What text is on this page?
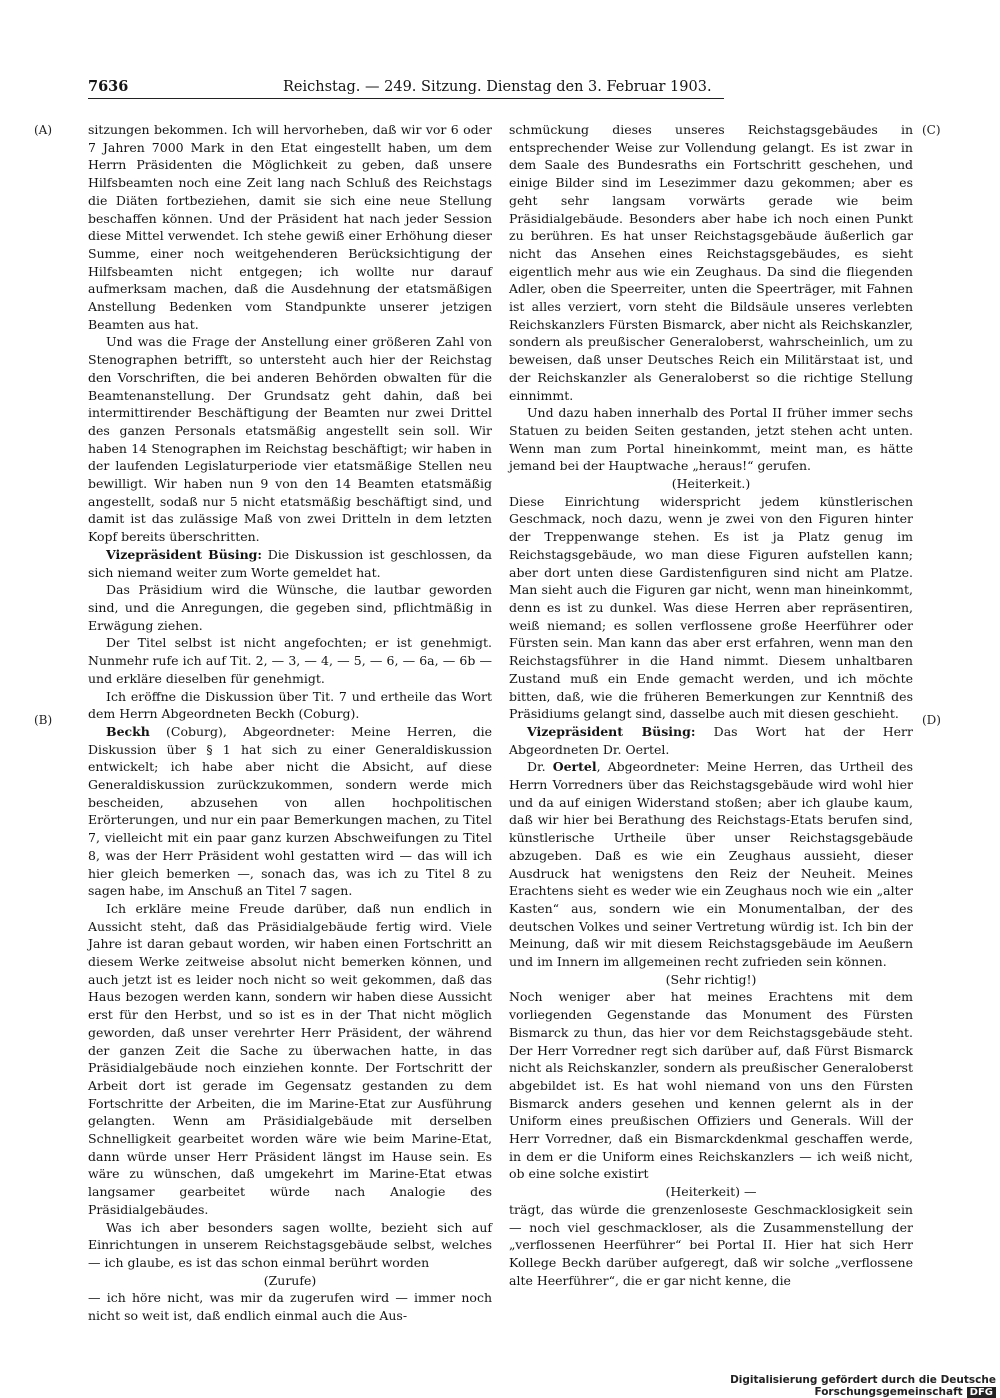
7636	Reichstag. — 249. Sitzung. Dienstag den 3. Februar 1903.
(A)
(B)
(C)
(D)

sitzungen bekommen. Ich will hervorheben, daß wir vor 6 oder 7 Jahren 7000 Mark in den Etat eingestellt haben, um dem Herrn Präsidenten die Möglichkeit zu geben, daß unsere Hilfsbeamten noch eine Zeit lang nach Schluß des Reichstags die Diäten fortbeziehen, damit sie sich eine neue Stellung beschaffen können. Und der Präsident hat nach jeder Session diese Mittel verwendet. Ich stehe gewiß einer Erhöhung dieser Summe, einer noch weitgehenderen Berücksichtigung der Hilfsbeamten nicht entgegen; ich wollte nur darauf aufmerksam machen, daß die Ausdehnung der etatsmäßigen Anstellung Bedenken vom Standpunkte unserer jetzigen Beamten aus hat.

Und was die Frage der Anstellung einer größeren Zahl von Stenographen betrifft, so untersteht auch hier der Reichstag den Vorschriften, die bei anderen Behörden obwalten für die Beamtenanstellung. Der Grundsatz geht dahin, daß bei intermittirender Beschäftigung der Beamten nur zwei Drittel des ganzen Personals etatsmäßig angestellt sein soll. Wir haben 14 Stenographen im Reichstag beschäftigt; wir haben in der laufenden Legislaturperiode vier etatsmäßige Stellen neu bewilligt. Wir haben nun 9 von den 14 Beamten etatsmäßig angestellt, sodaß nur 5 nicht etatsmäßig beschäftigt sind, und damit ist das zulässige Maß von zwei Dritteln in dem letzten Kopf bereits überschritten.

Vizepräsident Büsing: Die Diskussion ist geschlossen, da sich niemand weiter zum Worte gemeldet hat.

Das Präsidium wird die Wünsche, die lautbar geworden sind, und die Anregungen, die gegeben sind, pflichtmäßig in Erwägung ziehen.

Der Titel selbst ist nicht angefochten; er ist genehmigt. Nunmehr rufe ich auf Tit. 2, — 3, — 4, — 5, — 6, — 6a, — 6b — und erkläre dieselben für genehmigt.

Ich eröffne die Diskussion über Tit. 7 und ertheile das Wort dem Herrn Abgeordneten Beckh (Coburg).

Beckh (Coburg), Abgeordneter: Meine Herren, die Diskussion über § 1 hat sich zu einer Generaldiskussion entwickelt; ich habe aber nicht die Absicht, auf diese Generaldiskussion zurückzukommen, sondern werde mich bescheiden, abzusehen von allen hochpolitischen Erörterungen, und nur ein paar Bemerkungen machen, zu Titel 7, vielleicht mit ein paar ganz kurzen Abschweifungen zu Titel 8, was der Herr Präsident wohl gestatten wird — das will ich hier gleich bemerken —, sonach das, was ich zu Titel 8 zu sagen habe, im Anschuß an Titel 7 sagen.

Ich erkläre meine Freude darüber, daß nun endlich in Aussicht steht, daß das Präsidialgebäude fertig wird. Viele Jahre ist daran gebaut worden, wir haben einen Fortschritt an diesem Werke zeitweise absolut nicht bemerken können, und auch jetzt ist es leider noch nicht so weit gekommen, daß das Haus bezogen werden kann, sondern wir haben diese Aussicht erst für den Herbst, und so ist es in der That nicht möglich geworden, daß unser verehrter Herr Präsident, der während der ganzen Zeit die Sache zu überwachen hatte, in das Präsidialgebäude noch einziehen konnte. Der Fortschritt der Arbeit dort ist gerade im Gegensatz gestanden zu dem Fortschritte der Arbeiten, die im Marine-Etat zur Ausführung gelangten. Wenn am Präsidialgebäude mit derselben Schnelligkeit gearbeitet worden wäre wie beim Marine-Etat, dann würde unser Herr Präsident längst im Hause sein. Es wäre zu wünschen, daß umgekehrt im Marine-Etat etwas langsamer gearbeitet würde nach Analogie des Präsidialgebäudes.

Was ich aber besonders sagen wollte, bezieht sich auf Einrichtungen in unserem Reichstagsgebäude selbst, welches — ich glaube, es ist das schon einmal berührt worden

(Zurufe)

— ich höre nicht, was mir da zugerufen wird — immer noch nicht so weit ist, daß endlich einmal auch die Aus-

schmückung dieses unseres Reichstagsgebäudes in entsprechender Weise zur Vollendung gelangt. Es ist zwar in dem Saale des Bundesraths ein Fortschritt geschehen, und einige Bilder sind im Lesezimmer dazu gekommen; aber es geht sehr langsam vorwärts gerade wie beim Präsidialgebäude. Besonders aber habe ich noch einen Punkt zu berühren. Es hat unser Reichstagsgebäude äußerlich gar nicht das Ansehen eines Reichstagsgebäudes, es sieht eigentlich mehr aus wie ein Zeughaus. Da sind die fliegenden Adler, oben die Speerreiter, unten die Speerträger, mit Fahnen ist alles verziert, vorn steht die Bildsäule unseres verlebten Reichskanzlers Fürsten Bismarck, aber nicht als Reichskanzler, sondern als preußischer Generaloberst, wahrscheinlich, um zu beweisen, daß unser Deutsches Reich ein Militärstaat ist, und der Reichskanzler als Generaloberst so die richtige Stellung einnimmt.

Und dazu haben innerhalb des Portal II früher immer sechs Statuen zu beiden Seiten gestanden, jetzt stehen acht unten. Wenn man zum Portal hineinkommt, meint man, es hätte jemand bei der Hauptwache „heraus!“ gerufen.

(Heiterkeit.)

Diese Einrichtung widerspricht jedem künstlerischen Geschmack, noch dazu, wenn je zwei von den Figuren hinter der Treppenwange stehen. Es ist ja Platz genug im Reichstagsgebäude, wo man diese Figuren aufstellen kann; aber dort unten diese Gardistenfiguren sind nicht am Platze. Man sieht auch die Figuren gar nicht, wenn man hineinkommt, denn es ist zu dunkel. Was diese Herren aber repräsentiren, weiß niemand; es sollen verflossene große Heerführer oder Fürsten sein. Man kann das aber erst erfahren, wenn man den Reichstagsführer in die Hand nimmt. Diesem unhaltbaren Zustand muß ein Ende gemacht werden, und ich möchte bitten, daß, wie die früheren Bemerkungen zur Kenntniß des Präsidiums gelangt sind, dasselbe auch mit diesen geschieht.

Vizepräsident Büsing: Das Wort hat der Herr Abgeordneten Dr. Oertel.

Dr. Oertel, Abgeordneter: Meine Herren, das Urtheil des Herrn Vorredners über das Reichstagsgebäude wird wohl hier und da auf einigen Widerstand stoßen; aber ich glaube kaum, daß wir hier bei Berathung des Reichstags-Etats berufen sind, künstlerische Urtheile über unser Reichstagsgebäude abzugeben. Daß es wie ein Zeughaus aussieht, dieser Ausdruck hat wenigstens den Reiz der Neuheit. Meines Erachtens sieht es weder wie ein Zeughaus noch wie ein „alter Kasten“ aus, sondern wie ein Monumentalban, der des deutschen Volkes und seiner Vertretung würdig ist. Ich bin der Meinung, daß wir mit diesem Reichstagsgebäude im Aeußern und im Innern im allgemeinen recht zufrieden sein können.

(Sehr richtig!)

Noch weniger aber hat meines Erachtens mit dem vorliegenden Gegenstande das Monument des Fürsten Bismarck zu thun, das hier vor dem Reichstagsgebäude steht. Der Herr Vorredner regt sich darüber auf, daß Fürst Bismarck nicht als Reichskanzler, sondern als preußischer Generaloberst abgebildet ist. Es hat wohl niemand von uns den Fürsten Bismarck anders gesehen und kennen gelernt als in der Uniform eines preußischen Offiziers und Generals. Will der Herr Vorredner, daß ein Bismarckdenkmal geschaffen werde, in dem er die Uniform eines Reichskanzlers — ich weiß nicht, ob eine solche existirt

(Heiterkeit) —

trägt, das würde die grenzenloseste Geschmacklosigkeit sein — noch viel geschmackloser, als die Zusammenstellung der „verflossenen Heerführer“ bei Portal II. Hier hat sich Herr Kollege Beckh darüber aufgeregt, daß wir solche „verflossene alte Heerführer“, die er gar nicht kenne, die

Digitalisierung gefördert durch die Deutsche Forschungsgemeinschaft DFG
